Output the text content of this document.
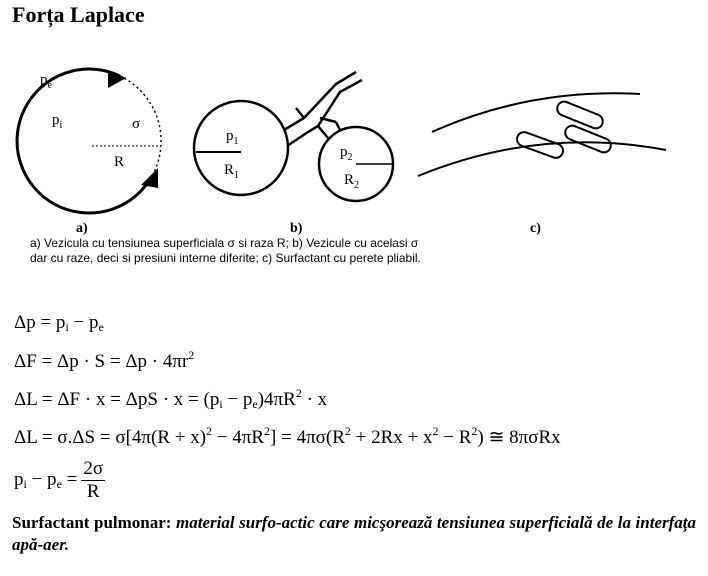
Forța Laplace
$p_e$
$p_i$	σ
R
a)
$p_1$
$R_1$
$p_2$
$R_2$
b)	c)
a) Vezicula cu tensiunea superficiala σ si raza R; b) Vezicule cu acelasi σ
dar cu raze, deci si presiuni interne diferite; c) Surfactant cu perete pliabil.
$\Delta p = p_i - p_e$
$\Delta F = \Delta p \cdot S = \Delta p \cdot 4\pi r^2$
$\Delta L = \Delta F \cdot x = \Delta pS \cdot x = (p_i - p_e)4\pi R^2 \cdot x$
$\Delta L = \sigma.\Delta S = \sigma[4\pi(R + x)^2 - 4\pi R^2] = 4\pi\sigma(R^2 + 2Rx + x^2 - R^2)$ ≅ 8πσRx
$p_i - p_e = \frac{2\sigma}{R}$
Surfactant pulmonar: material surfo-actic care micşorează tensiunea superficială de la interfaţa apă-aer.
